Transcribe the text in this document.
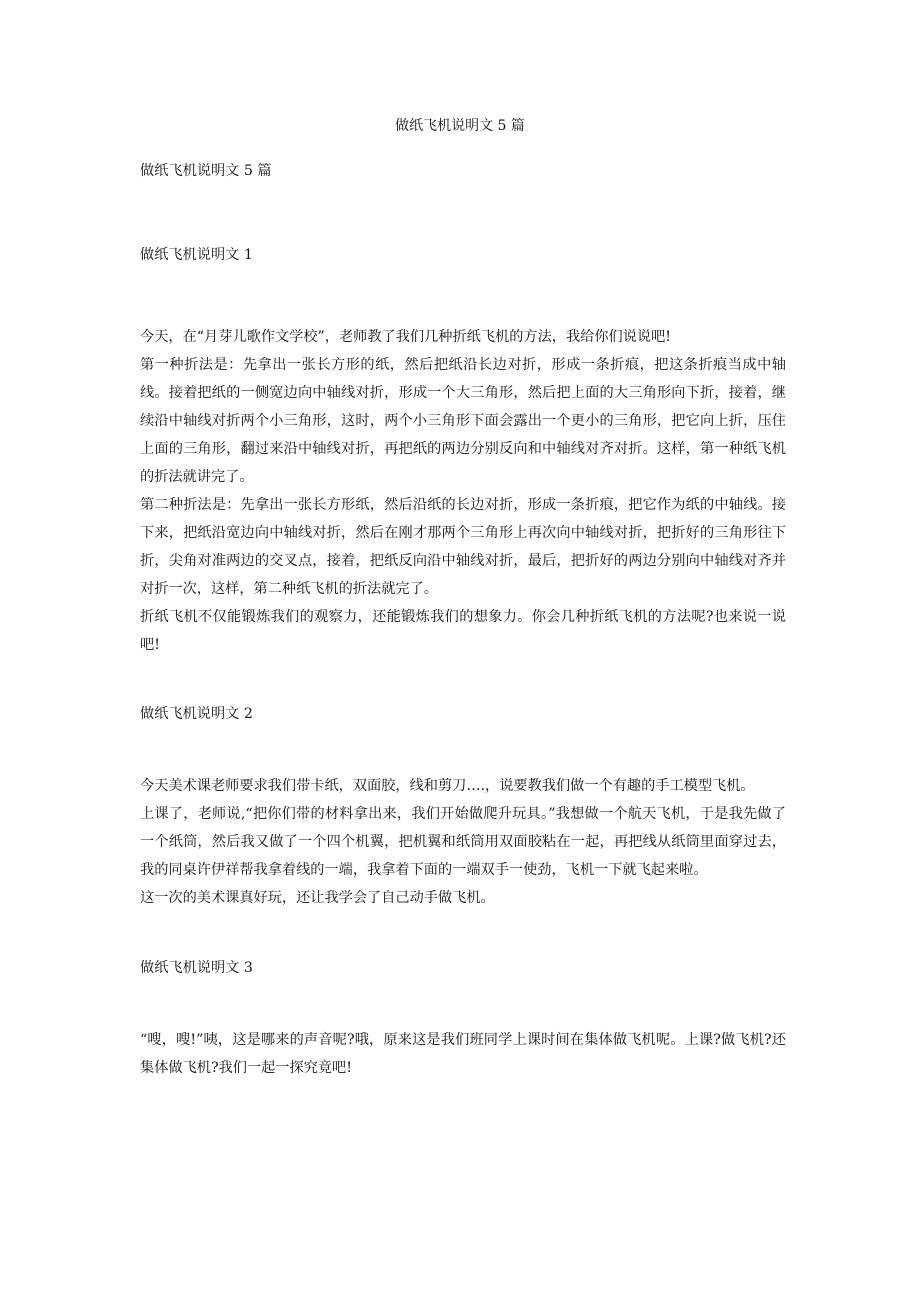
做纸飞机说明文 5 篇

做纸飞机说明文 5 篇

做纸飞机说明文 1

今天，在“月芽儿歌作文学校”，老师教了我们几种折纸飞机的方法，我给你们说说吧!

第一种折法是：先拿出一张长方形的纸，然后把纸沿长边对折，形成一条折痕，把这条折痕当成中轴线。接着把纸的一侧宽边向中轴线对折，形成一个大三角形，然后把上面的大三角形向下折，接着，继续沿中轴线对折两个小三角形，这时，两个小三角形下面会露出一个更小的三角形，把它向上折，压住上面的三角形，翻过来沿中轴线对折，再把纸的两边分别反向和中轴线对齐对折。这样，第一种纸飞机的折法就讲完了。

第二种折法是：先拿出一张长方形纸，然后沿纸的长边对折，形成一条折痕，把它作为纸的中轴线。接下来，把纸沿宽边向中轴线对折，然后在刚才那两个三角形上再次向中轴线对折，把折好的三角形往下折，尖角对准两边的交叉点，接着，把纸反向沿中轴线对折，最后，把折好的两边分别向中轴线对齐并对折一次，这样，第二种纸飞机的折法就完了。

折纸飞机不仅能锻炼我们的观察力，还能锻炼我们的想象力。你会几种折纸飞机的方法呢?也来说一说吧!

做纸飞机说明文 2

今天美术课老师要求我们带卡纸，双面胶，线和剪刀….，说要教我们做一个有趣的手工模型飞机。

上课了，老师说,“把你们带的材料拿出来，我们开始做爬升玩具。”我想做一个航天飞机，于是我先做了一个纸筒，然后我又做了一个四个机翼，把机翼和纸筒用双面胶粘在一起，再把线从纸筒里面穿过去，我的同桌许伊祥帮我拿着线的一端，我拿着下面的一端双手一使劲，飞机一下就飞起来啦。

这一次的美术课真好玩，还让我学会了自己动手做飞机。

做纸飞机说明文 3

“嗖，嗖!”咦，这是哪来的声音呢?哦，原来这是我们班同学上课时间在集体做飞机呢。上课?做飞机?还集体做飞机?我们一起一探究竟吧!
